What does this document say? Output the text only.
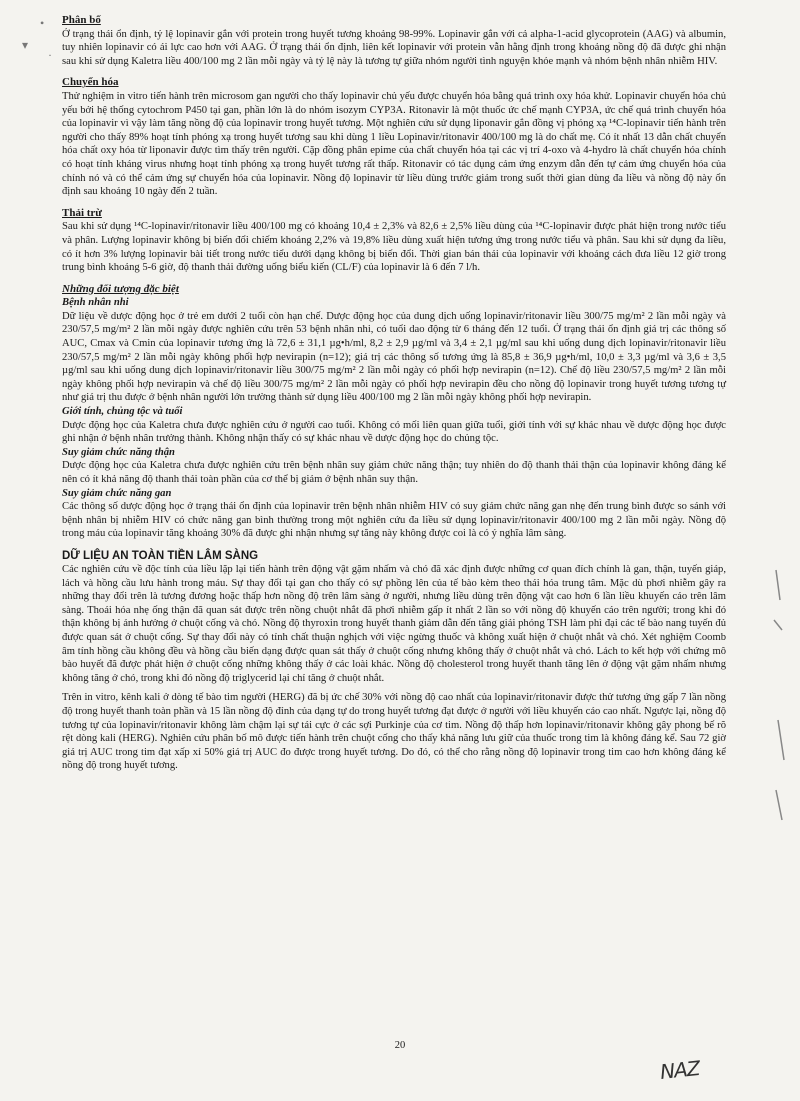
•
▾
·
Phân bố

Ở trạng thái ổn định, tỷ lệ lopinavir gắn với protein trong huyết tương khoảng 98-99%. Lopinavir gắn với cả alpha-1-acid glycoprotein (AAG) và albumin, tuy nhiên lopinavir có ái lực cao hơn với AAG. Ở trạng thái ổn định, liên kết lopinavir với protein vẫn hằng định trong khoảng nồng độ đã được ghi nhận sau khi sử dụng Kaletra liều 400/100 mg 2 lần mỗi ngày và tỷ lệ này là tương tự giữa nhóm người tình nguyện khỏe mạnh và nhóm bệnh nhân nhiễm HIV.

Chuyển hóa

Thử nghiệm in vitro tiến hành trên microsom gan người cho thấy lopinavir chủ yếu được chuyển hóa bằng quá trình oxy hóa khử. Lopinavir chuyển hóa chủ yếu bởi hệ thống cytochrom P450 tại gan, phần lớn là do nhóm isozym CYP3A. Ritonavir là một thuốc ức chế mạnh CYP3A, ức chế quá trình chuyển hóa của lopinavir vì vậy làm tăng nồng độ của lopinavir trong huyết tương. Một nghiên cứu sử dụng liponavir gắn đồng vị phóng xạ ¹⁴C-lopinavir tiến hành trên người cho thấy 89% hoạt tính phóng xạ trong huyết tương sau khi dùng 1 liều Lopinavir/ritonavir 400/100 mg là do chất mẹ. Có ít nhất 13 dẫn chất chuyển hóa chất oxy hóa từ liponavir được tìm thấy trên người. Cặp đồng phân epime của chất chuyển hóa tại các vị trí 4-oxo và 4-hydro là chất chuyển hóa chính có hoạt tính kháng virus nhưng hoạt tính phóng xạ trong huyết tương rất thấp. Ritonavir có tác dụng cảm ứng enzym dẫn đến tự cảm ứng chuyển hóa của chính nó và có thể cảm ứng sự chuyển hóa của lopinavir. Nồng độ lopinavir từ liều dùng trước giảm trong suốt thời gian dùng đa liều và nồng độ này ổn định sau khoảng 10 ngày đến 2 tuần.

Thải trừ

Sau khi sử dụng ¹⁴C-lopinavir/ritonavir liều 400/100 mg có khoảng 10,4 ± 2,3% và 82,6 ± 2,5% liều dùng của ¹⁴C-lopinavir được phát hiện trong nước tiểu và phân. Lượng lopinavir không bị biến đổi chiếm khoảng 2,2% và 19,8% liều dùng xuất hiện tương ứng trong nước tiểu và phân. Sau khi sử dụng đa liều, có ít hơn 3% lượng lopinavir bài tiết trong nước tiểu dưới dạng không bị biến đổi. Thời gian bán thải của lopinavir với khoảng cách đưa liều 12 giờ trong trung bình khoảng 5-6 giờ, độ thanh thải đường uống biểu kiến (CL/F) của lopinavir là 6 đến 7 l/h.

Những đối tượng đặc biệt
Bệnh nhân nhi

Dữ liệu về dược động học ở trẻ em dưới 2 tuổi còn hạn chế. Dược động học của dung dịch uống lopinavir/ritonavir liều 300/75 mg/m² 2 lần mỗi ngày và 230/57,5 mg/m² 2 lần mỗi ngày được nghiên cứu trên 53 bệnh nhân nhi, có tuổi dao động từ 6 tháng đến 12 tuổi. Ở trạng thái ổn định giá trị các thông số AUC, Cmax và Cmin của lopinavir tương ứng là 72,6 ± 31,1 µg•h/ml, 8,2 ± 2,9 µg/ml và 3,4 ± 2,1 µg/ml sau khi uống dung dịch lopinavir/ritonavir liều 230/57,5 mg/m² 2 lần mỗi ngày không phối hợp nevirapin (n=12); giá trị các thông số tương ứng là 85,8 ± 36,9 µg•h/ml, 10,0 ± 3,3 µg/ml và 3,6 ± 3,5 µg/ml sau khi uống dung dịch lopinavir/ritonavir liều 300/75 mg/m² 2 lần mỗi ngày có phối hợp nevirapin (n=12). Chế độ liều 230/57,5 mg/m² 2 lần mỗi ngày không phối hợp nevirapin và chế độ liều 300/75 mg/m² 2 lần mỗi ngày có phối hợp nevirapin đều cho nồng độ lopinavir trong huyết tương tương tự như giá trị thu được ở bệnh nhân người lớn trường thành sử dụng liều 400/100 mg 2 lần mỗi ngày không phối hợp nevirapin.

Giới tính, chủng tộc và tuổi

Dược động học của Kaletra chưa được nghiên cứu ở người cao tuổi. Không có mối liên quan giữa tuổi, giới tính với sự khác nhau về dược động học được ghi nhận ở bệnh nhân trưởng thành. Không nhận thấy có sự khác nhau về dược động học do chủng tộc.

Suy giảm chức năng thận

Dược động học của Kaletra chưa được nghiên cứu trên bệnh nhân suy giảm chức năng thận; tuy nhiên do độ thanh thải thận của lopinavir không đáng kể nên có ít khả năng độ thanh thải toàn phần của cơ thể bị giảm ở bệnh nhân suy thận.

Suy giảm chức năng gan

Các thông số dược động học ở trạng thái ổn định của lopinavir trên bệnh nhân nhiễm HIV có suy giảm chức năng gan nhẹ đến trung bình được so sánh với bệnh nhân bị nhiễm HIV có chức năng gan bình thường trong một nghiên cứu đa liều sử dụng lopinavir/ritonavir 400/100 mg 2 lần mỗi ngày. Nồng độ trong máu của lopinavir tăng khoảng 30% đã được ghi nhận nhưng sự tăng này không được coi là có ý nghĩa lâm sàng.

DỮ LIỆU AN TOÀN TIỀN LÂM SÀNG

Các nghiên cứu về độc tính của liều lặp lại tiến hành trên động vật gặm nhấm và chó đã xác định được những cơ quan đích chính là gan, thận, tuyến giáp, lách và hồng cầu lưu hành trong máu. Sự thay đổi tại gan cho thấy có sự phồng lên của tế bào kèm theo thái hóa trung tâm. Mặc dù phơi nhiễm gây ra những thay đổi trên là tương đương hoặc thấp hơn nồng độ trên lâm sàng ở người, nhưng liều dùng trên động vật cao hơn 6 lần liều khuyến cáo trên lâm sàng. Thoái hóa nhẹ ống thận đã quan sát được trên nồng chuột nhắt đã phơi nhiễm gấp ít nhất 2 lần so với nồng độ khuyến cáo trên người; trong khi đó thận không bị ảnh hưởng ở chuột cống và chó. Nồng độ thyroxin trong huyết thanh giảm dẫn đến tăng giải phóng TSH làm phì đại các tế bào nang tuyến đủ được quan sát ở chuột cống. Sự thay đổi này có tính chất thuận nghịch với việc ngừng thuốc và không xuất hiện ở chuột nhắt và chó. Xét nghiệm Coomb âm tính hồng cầu không đều và hồng cầu biến dạng được quan sát thấy ở chuột cống nhưng không thấy ở chuột nhắt và chó. Lách to kết hợp với chứng mô bào huyết đã được phát hiện ở chuột cống những không thấy ở các loài khác. Nồng độ cholesterol trong huyết thanh tăng lên ở động vật gặm nhấm nhưng không tăng ở chó, trong khi đó nồng độ triglycerid lại chỉ tăng ở chuột nhắt.

Trên in vitro, kênh kali ở dòng tế bào tim người (HERG) đã bị ức chế 30% với nồng độ cao nhất của lopinavir/ritonavir được thử tương ứng gấp 7 lần nồng độ trong huyết thanh toàn phần và 15 lần nồng độ đỉnh của dạng tự do trong huyết tương đạt được ở người với liều khuyến cáo cao nhất. Ngược lại, nồng độ tương tự của lopinavir/ritonavir không làm chậm lại sự tái cực ở các sợi Purkinje của cơ tim. Nồng độ thấp hơn lopinavir/ritonavir không gây phong bế rõ rệt dòng kali (HERG). Nghiên cứu phân bố mô được tiến hành trên chuột cống cho thấy khả năng lưu giữ của thuốc trong tim là không đáng kể. Sau 72 giờ giá trị AUC trong tim đạt xấp xỉ 50% giá trị AUC đo được trong huyết tương. Do đó, có thể cho rằng nồng độ lopinavir trong tim cao hơn không đáng kể nồng độ trong huyết tương.

20
NAZ
